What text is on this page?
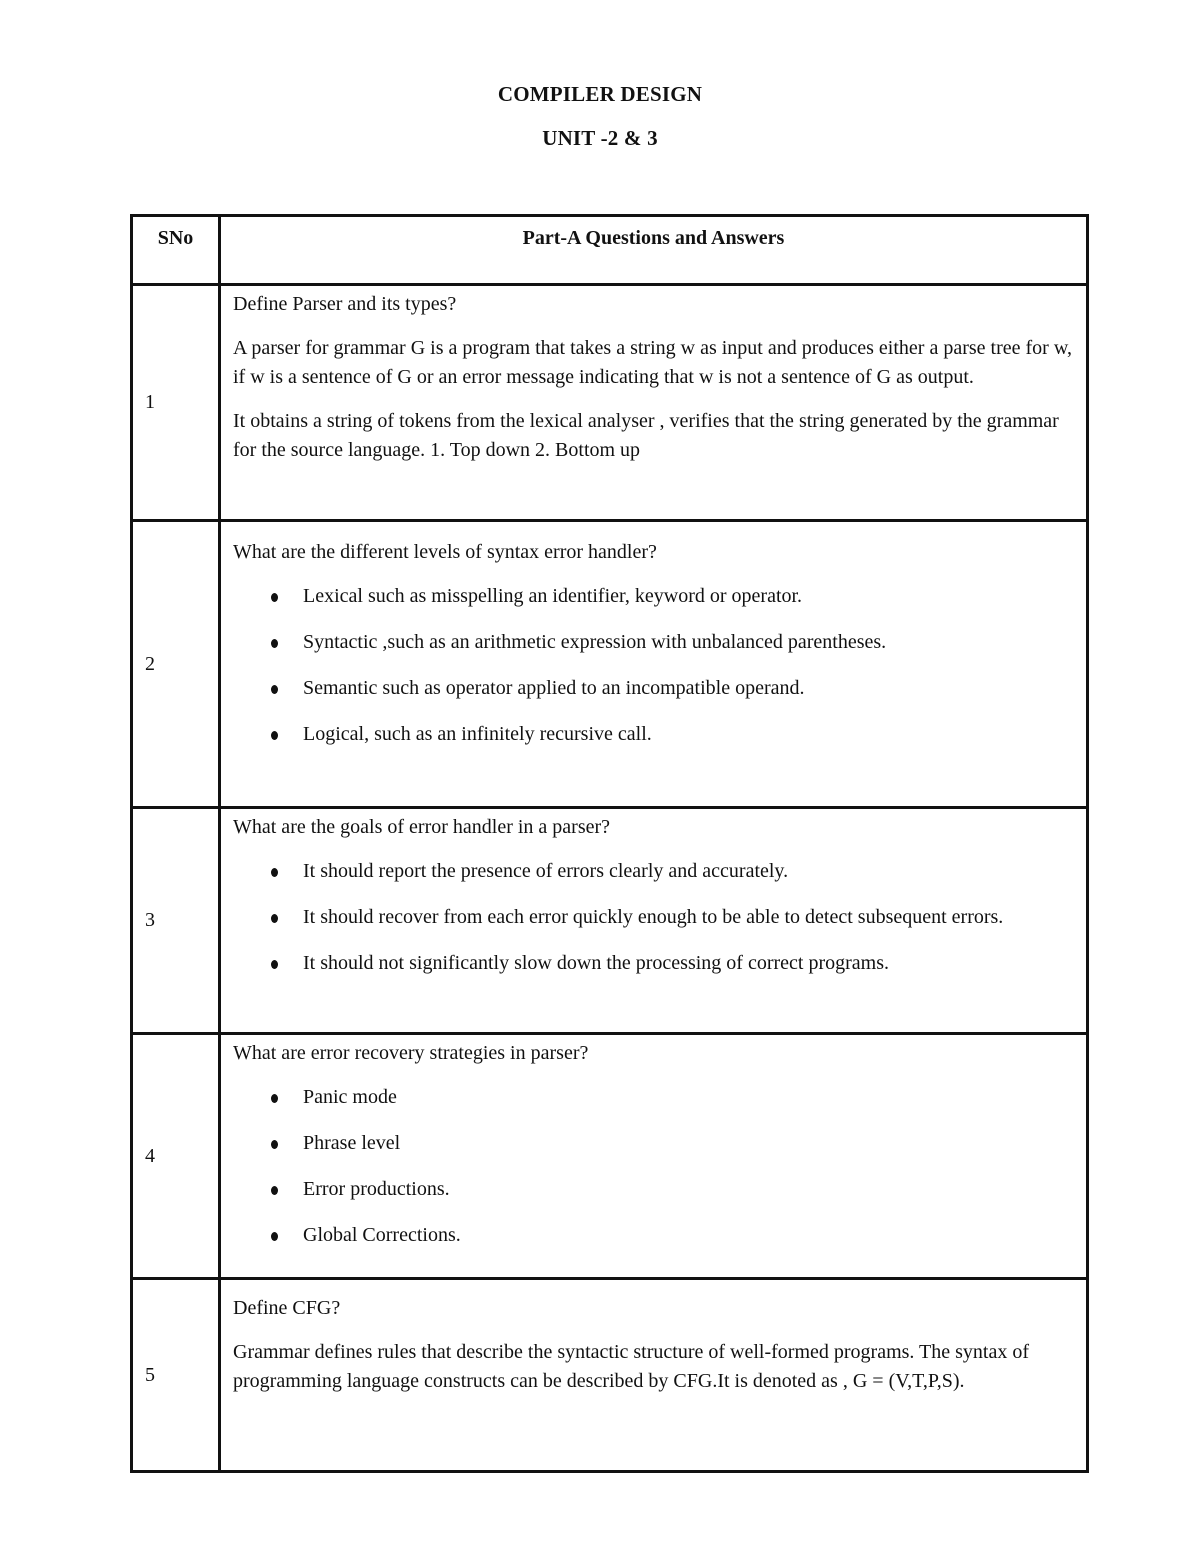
COMPILER DESIGN
UNIT -2 & 3
SNo	Part-A Questions and Answers
1	Define Parser and its types?
A parser for grammar G is a program that takes a string w as input and produces either a parse tree for w, if w is a sentence of G or an error message indicating that w is not a sentence of G as output.
It obtains a string of tokens from the lexical analyser , verifies that the string generated by the grammar for the source language. 1. Top down 2. Bottom up

2	
What are the different levels of syntax error handler?
Lexical such as misspelling an identifier, keyword or operator.
Syntactic ,such as an arithmetic expression with unbalanced parentheses.
Semantic such as operator applied to an incompatible operand.
Logical, such as an infinitely recursive call.

3	
What are the goals of error handler in a parser?
It should report the presence of errors clearly and accurately.
It should recover from each error quickly enough to be able to detect subsequent errors.
It should not significantly slow down the processing of correct programs.

4	
What are error recovery strategies in parser?
Panic mode
Phrase level
Error productions.
Global Corrections.

5	Define CFG?
Grammar defines rules that describe the syntactic structure of well-formed programs. The syntax of programming language constructs can be described by CFG.It is denoted as , G = (V,T,P,S).
